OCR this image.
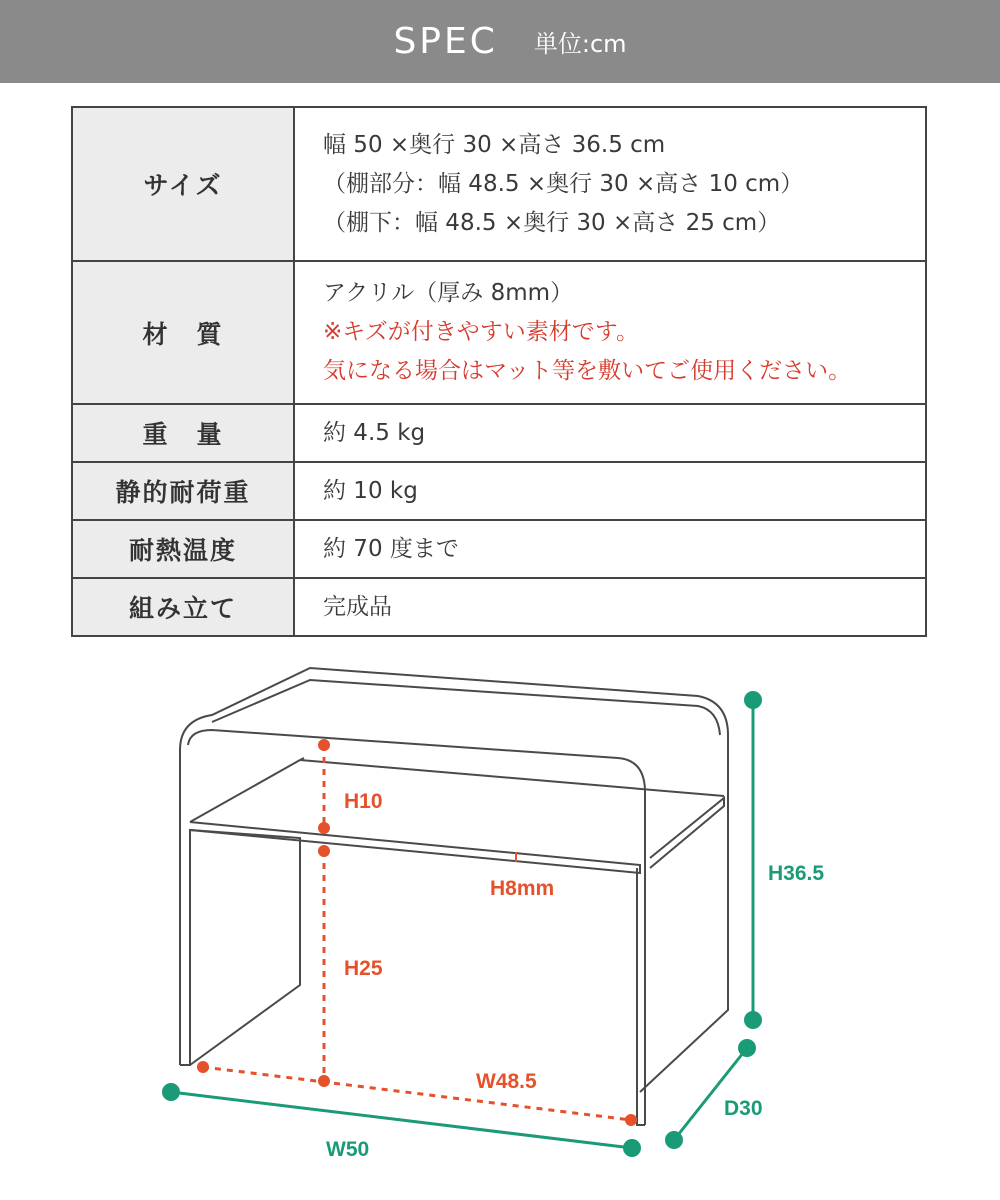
SPEC 単位:cm
サイズ	幅 50 ×奥行 30 ×高さ 36.5 cm
（棚部分：幅 48.5 ×奥行 30 ×高さ 10 cm）
（棚下：幅 48.5 ×奥行 30 ×高さ 25 cm）

材　質	アクリル（厚み 8mm）
※キズが付きやすい素材です。
気になる場合はマット等を敷いてご使用ください。

重　量	約 4.5 kg
静的耐荷重	約 10 kg
耐熱温度	約 70 度まで
組み立て	完成品
H10
H8mm
H25
W48.5
W50
D30
H36.5
